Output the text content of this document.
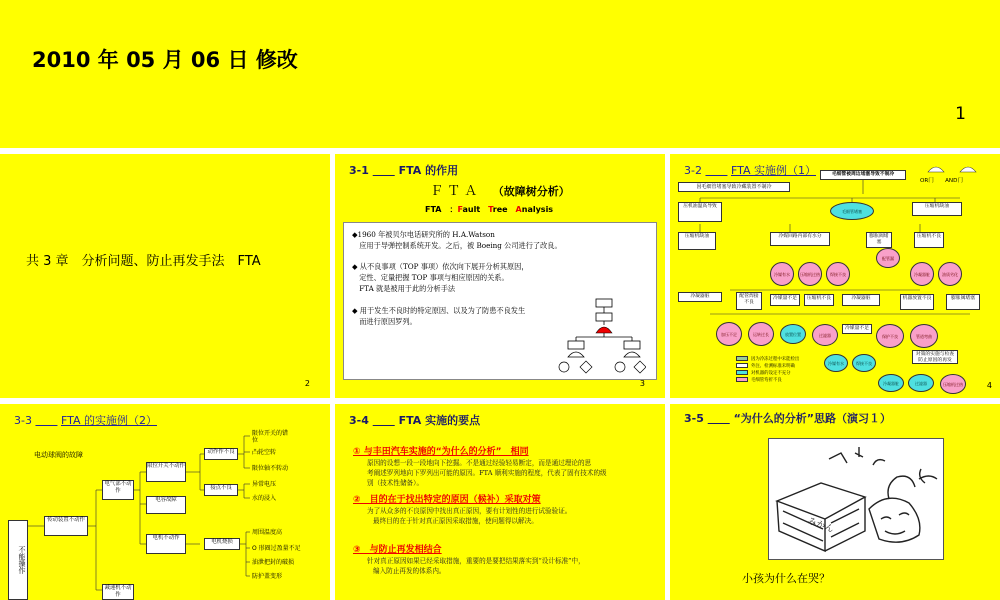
2010 年 05 月 06 日 修改
1
共 3 章　分析问题、防止再发手法　FTA
2
3-1 　　	FTA 的作用
ＦＴＡ　 （故障树分析）
FTA　：Fault　Tree　Analysis

◆1960 年被贝尔电话研究所的 H.A.Watson

　应用于导弹控制系统开发。之后，被 Boeing 公司进行了改良。

◆ 从不良事项（TOP 事项）依次向下展开分析其原因，

　定性、定量把握 TOP 事项与相应原因的关系。

　FTA 就是被用于此的分析手法

◆ 用于发生不良时的特定原因、以及为了防患不良发生

　而进行原因罗列。

3
3-2 　　	FTA 实施例（1）	毛细管被周边堵塞导致不制冷
因毛细管堵塞导致冷藏装置不制冷
OR门　　 AND门
压机油温高导致
毛细管堵塞
压缩机缺油
压缩机缺油	冷媒回路内部有水分	膨胀阀堵塞
压缩机不良
冷媒有水	压缩机过热	焊接不良
配管漏
冷凝器脏	油质劣化
冷凝器脏	配管焊接不良
冷媒量不足	压缩机不良	冷凝器脏	机器放置不良	膨胀阀堵塞
加压不足	运转过长	放置位置	过滤器
冷媒量不足
保护不良	管道弯曲
对策的实施与检查
防止原因的再发
因为冷冻过程中未能检出
外注、检测标准未明确
对机器的设定不充分
毛细管弯折不良
冷媒有水	焊接不良
冷凝器脏	过滤器	压缩机过热	4
3-3 　　	FTA 的实施例（2）
电动球阀的故障
不能操作
传动装置不动作
电气部不动作
限位开关不动作
电容故障
动作作不良
接点不良
电机不动作
电机烧损
减速机不动作
限位开关的错位
凸轮空转
限位轴不转动
异常电压
水的浸入
周围温度高
O 形圈过盈量不足
油泄把封的破损
防护盖变形
3-4 　　	FTA 实施的要点
① 与丰田汽车实施的“为什么的分析”　相同
原因的设想一段一段地向下挖掘。不是通过经验轻易断定，而是通过理论的思
考阐述罗列地向下罗列出可能的原因。FTA 顺利实施的程度，代表了固有技术的级
别（技术性储备）。
②　目的在于找出特定的原因（候补）采取对策
为了从众多的不良原因中找出真正原因，要有计划性的进行试验验证。
最终目的在于针对真正原因采取措施，使问题得以解决。
③　与防止再发相结合
针对真正原因如果已经采取措施，重要的是要把结果落实到“设计标准”中，
编入防止再发的体系内。
3-5 　　	“为什么的分析”思路（演习１）
みかん
小孩为什么在哭？
